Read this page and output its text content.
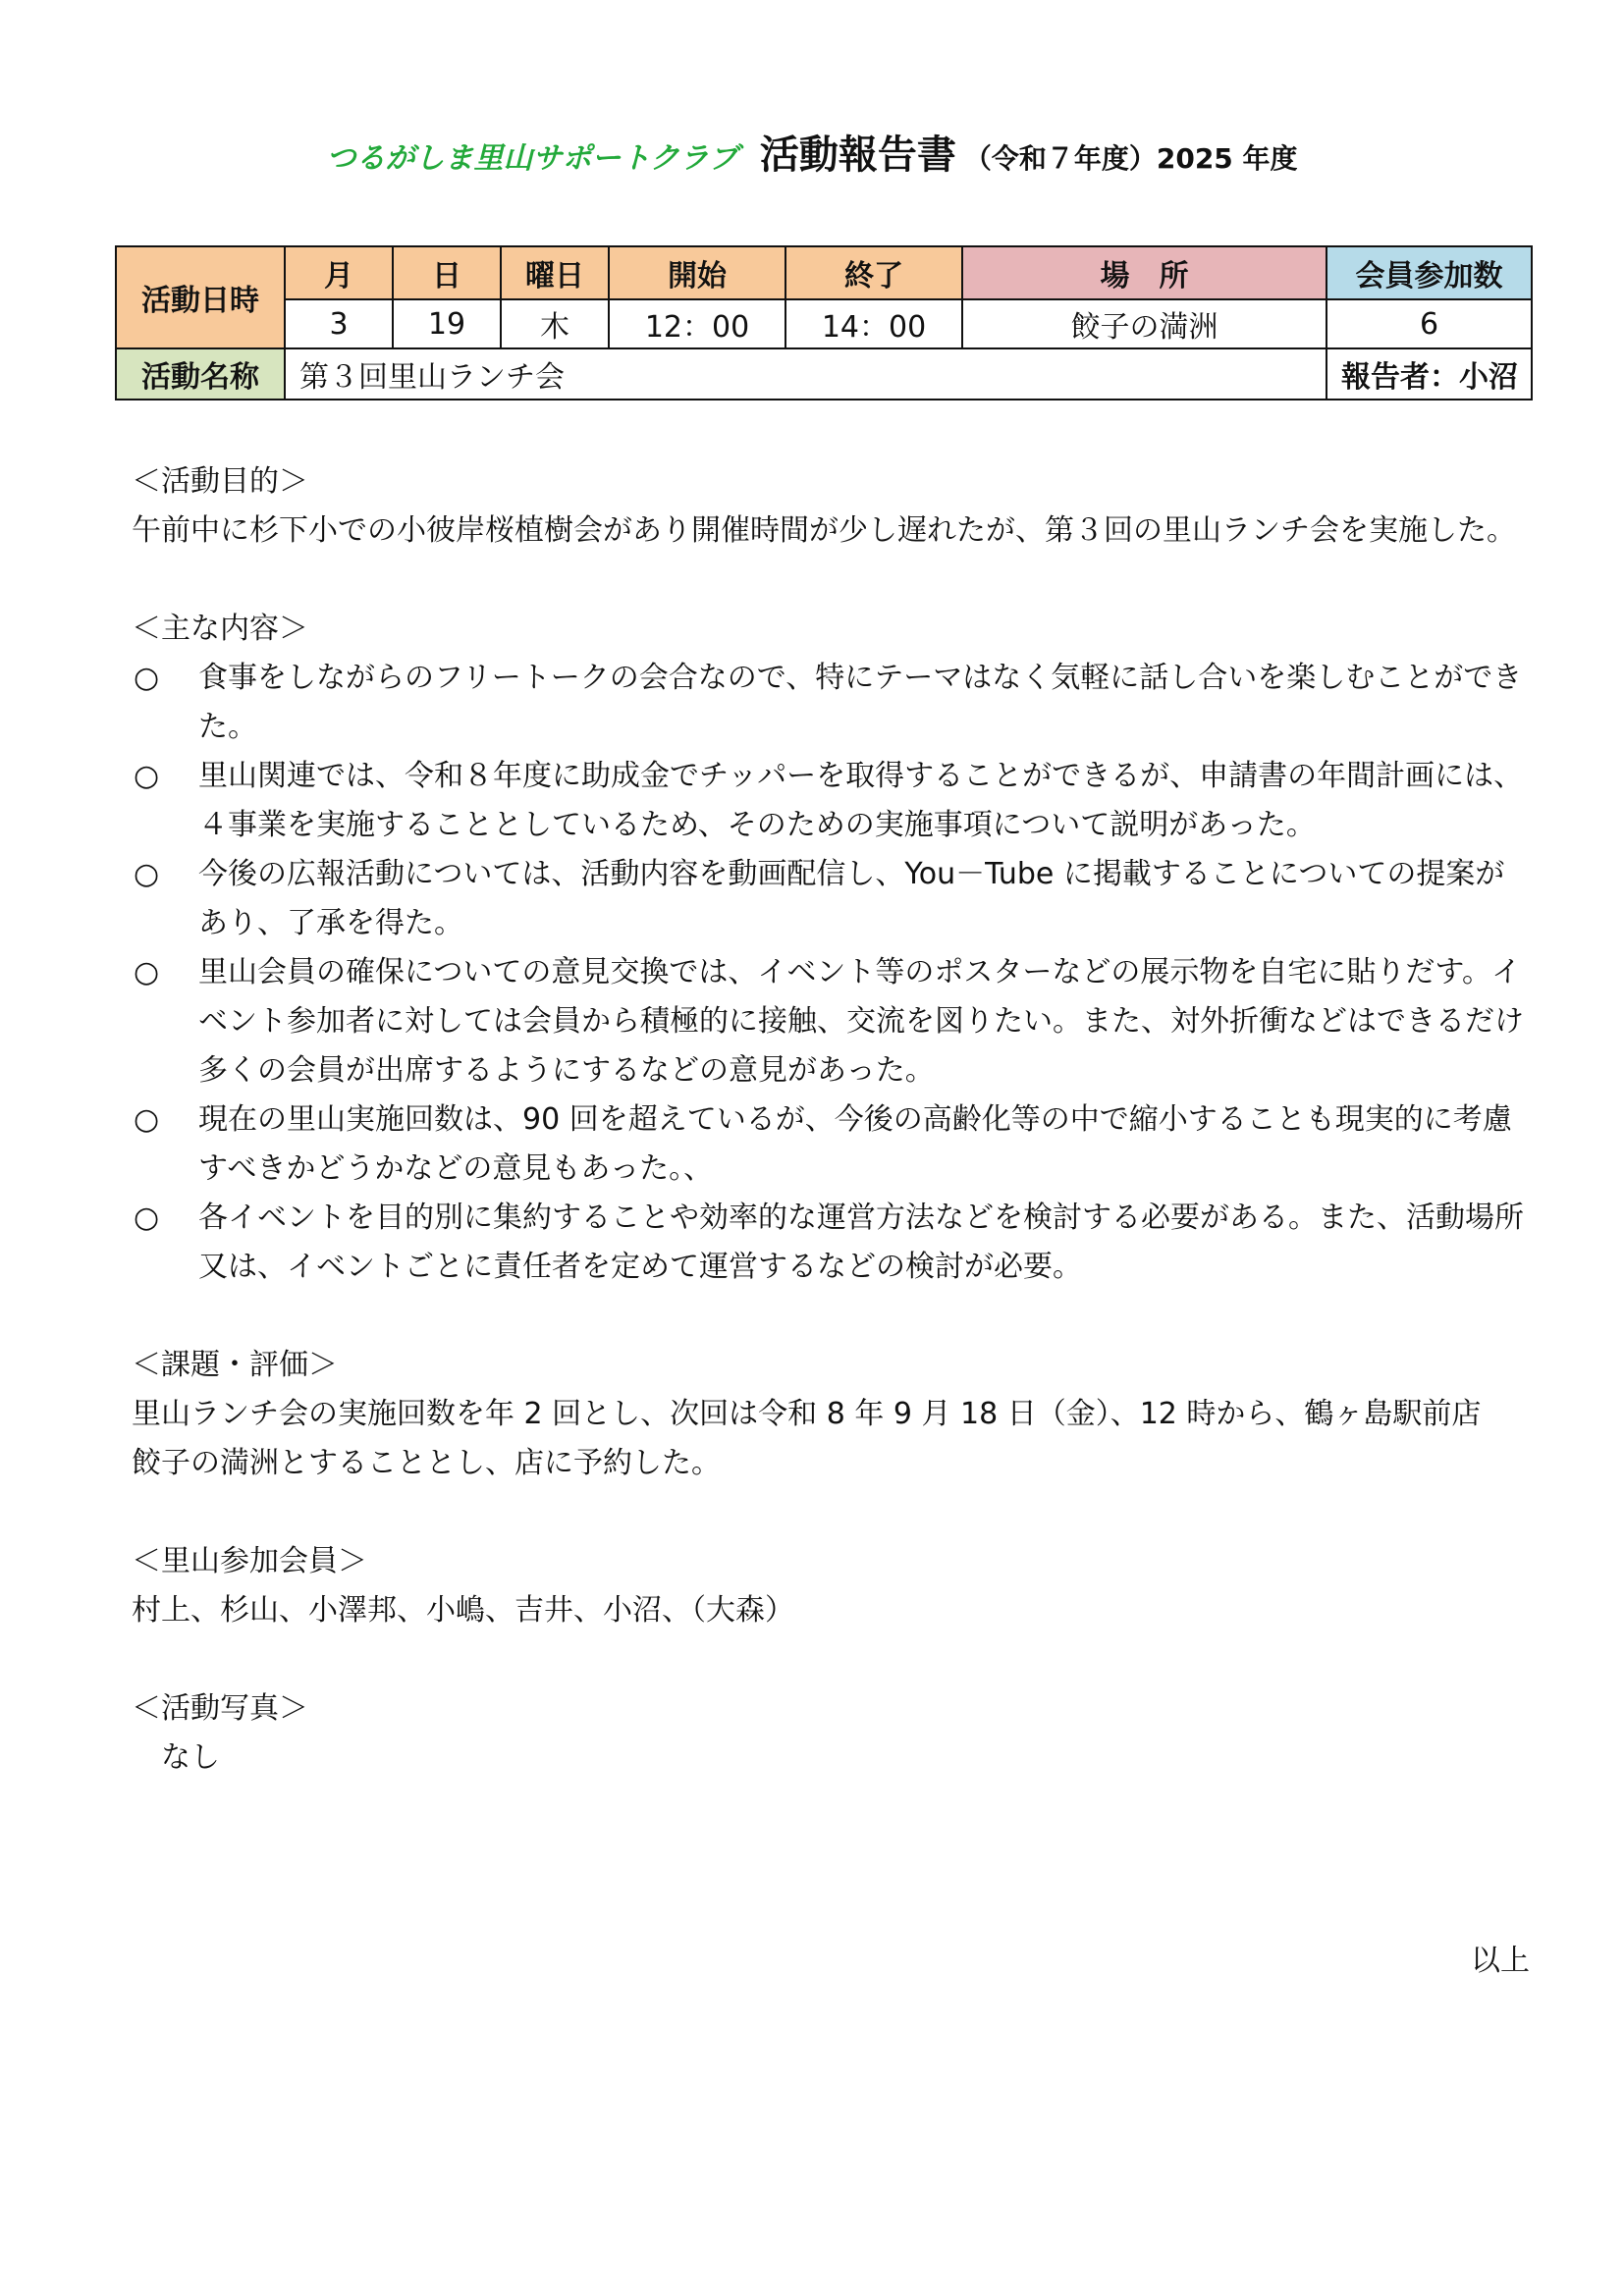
つるがしま里山サポートクラブ 活動報告書 （令和７年度）2025 年度
活動日時	月	日	曜日	開始	終了	場　所	会員参加数
	3	19	木	12：00	14：00	餃子の満洲	6
活動名称	第３回里山ランチ会						報告者：小沼
＜活動目的＞
午前中に杉下小での小彼岸桜植樹会があり開催時間が少し遅れたが、第３回の里山ランチ会を実施した。
＜主な内容＞
○ 食事をしながらのフリートークの会合なので、特にテーマはなく気軽に話し合いを楽しむことができた。
○ 里山関連では、令和８年度に助成金でチッパーを取得することができるが、申請書の年間計画には、４事業を実施することとしているため、そのための実施事項について説明があった。
○ 今後の広報活動については、活動内容を動画配信し、You－Tube に掲載することについての提案があり、了承を得た。
○ 里山会員の確保についての意見交換では、イベント等のポスターなどの展示物を自宅に貼りだす。イベント参加者に対しては会員から積極的に接触、交流を図りたい。また、対外折衝などはできるだけ多くの会員が出席するようにするなどの意見があった。
○ 現在の里山実施回数は、90 回を超えているが、今後の高齢化等の中で縮小することも現実的に考慮すべきかどうかなどの意見もあった。、
○ 各イベントを目的別に集約することや効率的な運営方法などを検討する必要がある。また、活動場所又は、イベントごとに責任者を定めて運営するなどの検討が必要。
＜課題・評価＞
里山ランチ会の実施回数を年 2 回とし、次回は令和 8 年 9 月 18 日（金）、12 時から、鶴ヶ島駅前店　餃子の満洲とすることとし、店に予約した。
＜里山参加会員＞
村上、杉山、小澤邦、小嶋、吉井、小沼、（大森）
＜活動写真＞
　なし
以上
